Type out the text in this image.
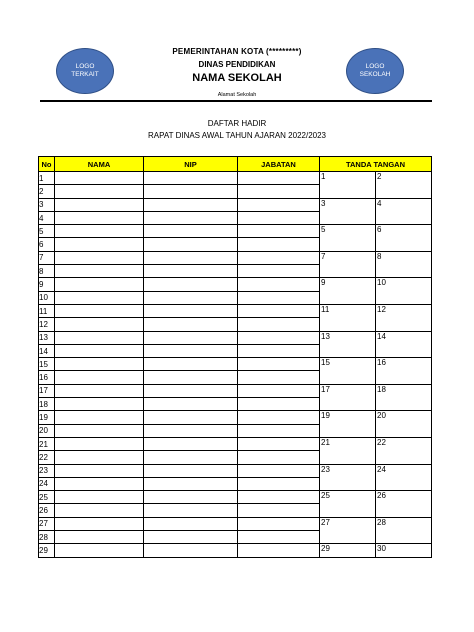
LOGO
TERKAIT
LOGO
SEKOLAH
PEMERINTAHAN KOTA (*********)
DINAS PENDIDIKAN
NAMA SEKOLAH
Alamat Sekolah
DAFTAR HADIR
RAPAT DINAS AWAL TAHUN AJARAN 2022/2023
No	NAMA	NIP	JABATAN	TANDA TANGAN	
1				1	2

2					
3				3	4

4					
5				5	6

6					
7				7	8

8					
9				9	10

10					
11				11	12

12					
13				13	14

14					
15				15	16

16					
17				17	18

18					
19				19	20

20					
21				21	22

22					
23				23	24

24					
25				25	26

26					
27				27	28

28					
29				29	30
